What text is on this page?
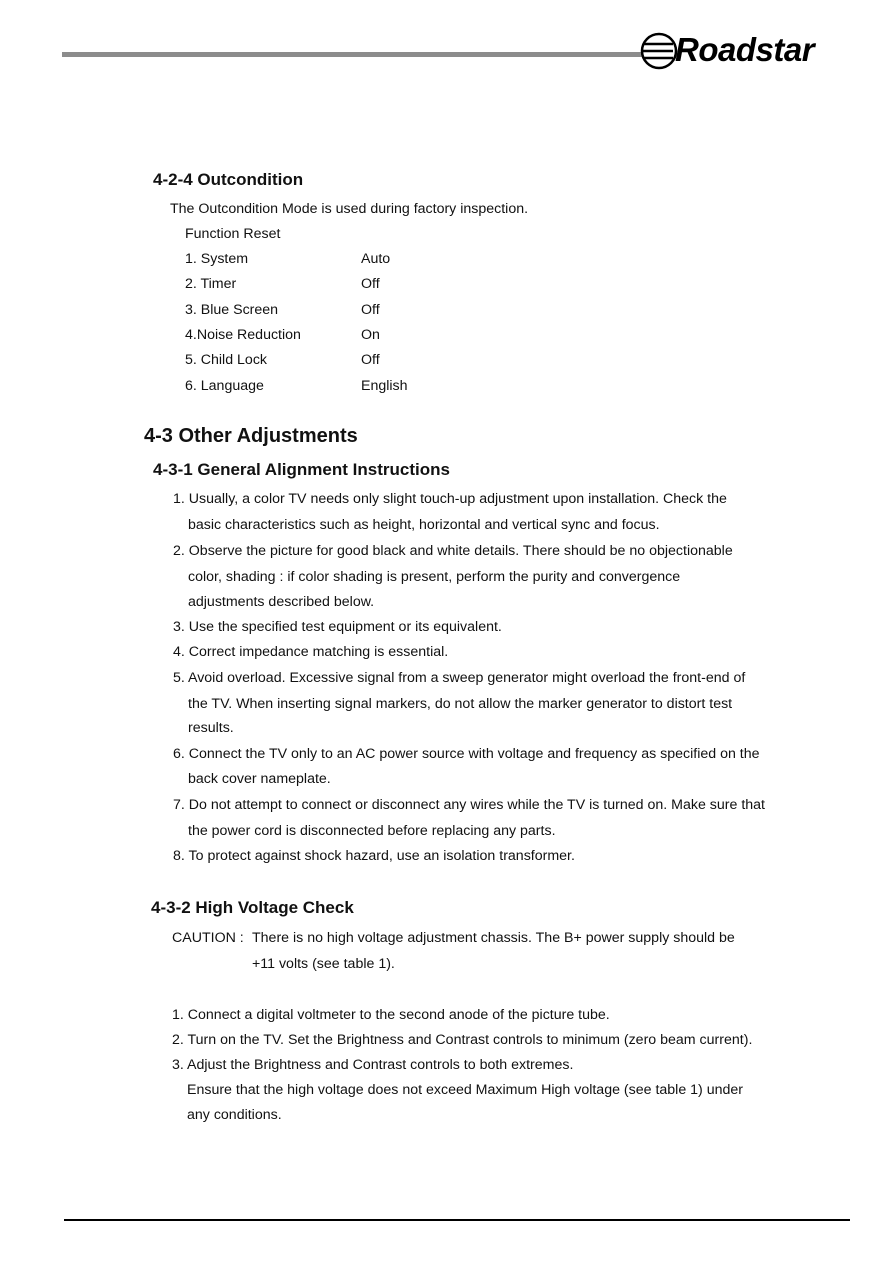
Roadstar
4-2-4 Outcondition
The Outcondition Mode is used during factory inspection.
Function Reset
1. System	Auto
2. Timer	Off
3. Blue Screen	Off
4.Noise Reduction	On
5. Child Lock	Off
6. Language	English
4-3 Other Adjustments
4-3-1 General Alignment Instructions
1. Usually, a color TV needs only slight touch-up adjustment upon installation. Check the
basic characteristics such as height, horizontal and vertical sync and focus.
2. Observe the picture for good black and white details. There should be no objectionable
color, shading : if color shading is present, perform the purity and convergence
adjustments described below.
3. Use the specified test equipment or its equivalent.
4. Correct impedance matching is essential.
5. Avoid overload. Excessive signal from a sweep generator might overload the front-end of
the TV. When inserting signal markers, do not allow the marker generator to distort test
results.
6. Connect the TV only to an AC power source with voltage and frequency as specified on the
back cover nameplate.
7. Do not attempt to connect or disconnect any wires while the TV is turned on. Make sure that
the power cord is disconnected before replacing any parts.
8. To protect against shock hazard, use an isolation transformer.
4-3-2 High Voltage Check
CAUTION : There is no high voltage adjustment chassis. The B+ power supply should be
+11 volts (see table 1).
1. Connect a digital voltmeter to the second anode of the picture tube.
2. Turn on the TV. Set the Brightness and Contrast controls to minimum (zero beam current).
3. Adjust the Brightness and Contrast controls to both extremes.
Ensure that the high voltage does not exceed Maximum High voltage (see table 1) under
any conditions.
